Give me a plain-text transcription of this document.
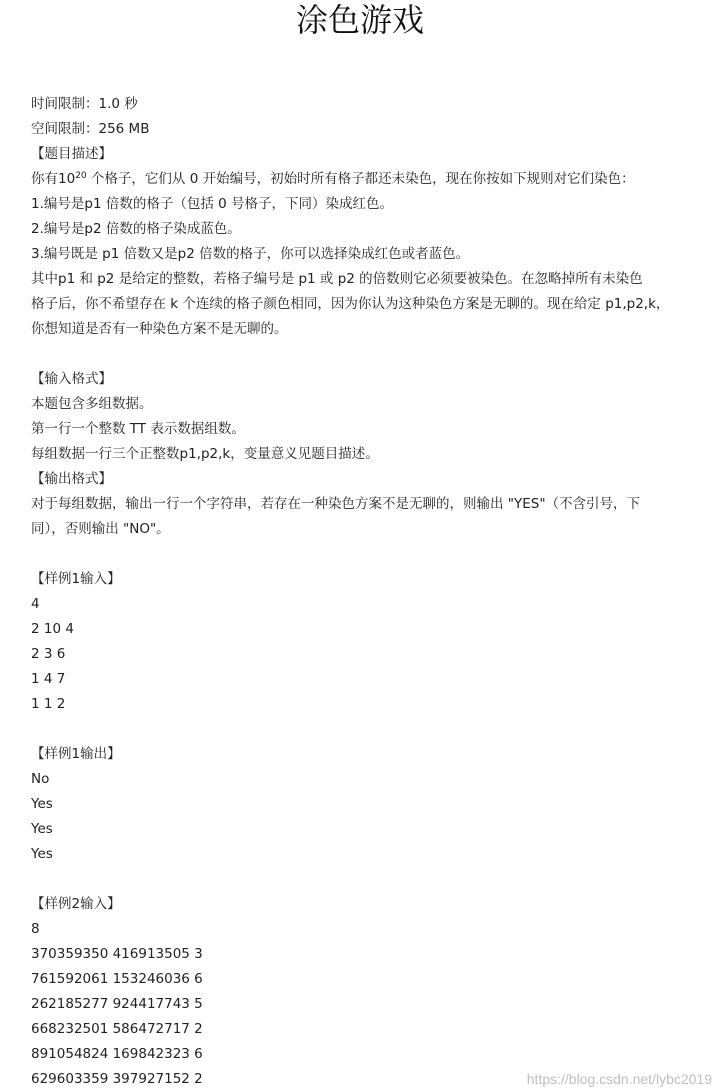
涂色游戏
时间限制：1.0 秒
空间限制：256 MB
【题目描述】
你有$10^{20}$ 个格子，它们从 0 开始编号，初始时所有格子都还未染色，现在你按如下规则对它们染色：
1.编号是p1 倍数的格子（包括 0 号格子，下同）染成红色。
2.编号是p2 倍数的格子染成蓝色。
3.编号既是 p1 倍数又是p2 倍数的格子，你可以选择染成红色或者蓝色。
其中p1 和 p2 是给定的整数，若格子编号是 p1 或 p2 的倍数则它必须要被染色。在忽略掉所有未染色
格子后，你不希望存在 k 个连续的格子颜色相同，因为你认为这种染色方案是无聊的。现在给定 p1,p2,k，
你想知道是否有一种染色方案不是无聊的。
【输入格式】
本题包含多组数据。
第一行一个整数 TT 表示数据组数。
每组数据一行三个正整数p1,p2,k，变量意义见题目描述。
【输出格式】
对于每组数据，输出一行一个字符串，若存在一种染色方案不是无聊的，则输出 "YES"（不含引号，下
同），否则输出 "NO"。
【样例1输入】
4
2 10 4
2 3 6
1 4 7
1 1 2
【样例1输出】
No
Yes
Yes
Yes
【样例2输入】
8
370359350 416913505 3
761592061 153246036 6
262185277 924417743 5
668232501 586472717 2
891054824 169842323 6
629603359 397927152 2	https://blog.csdn.net/lybc2019
